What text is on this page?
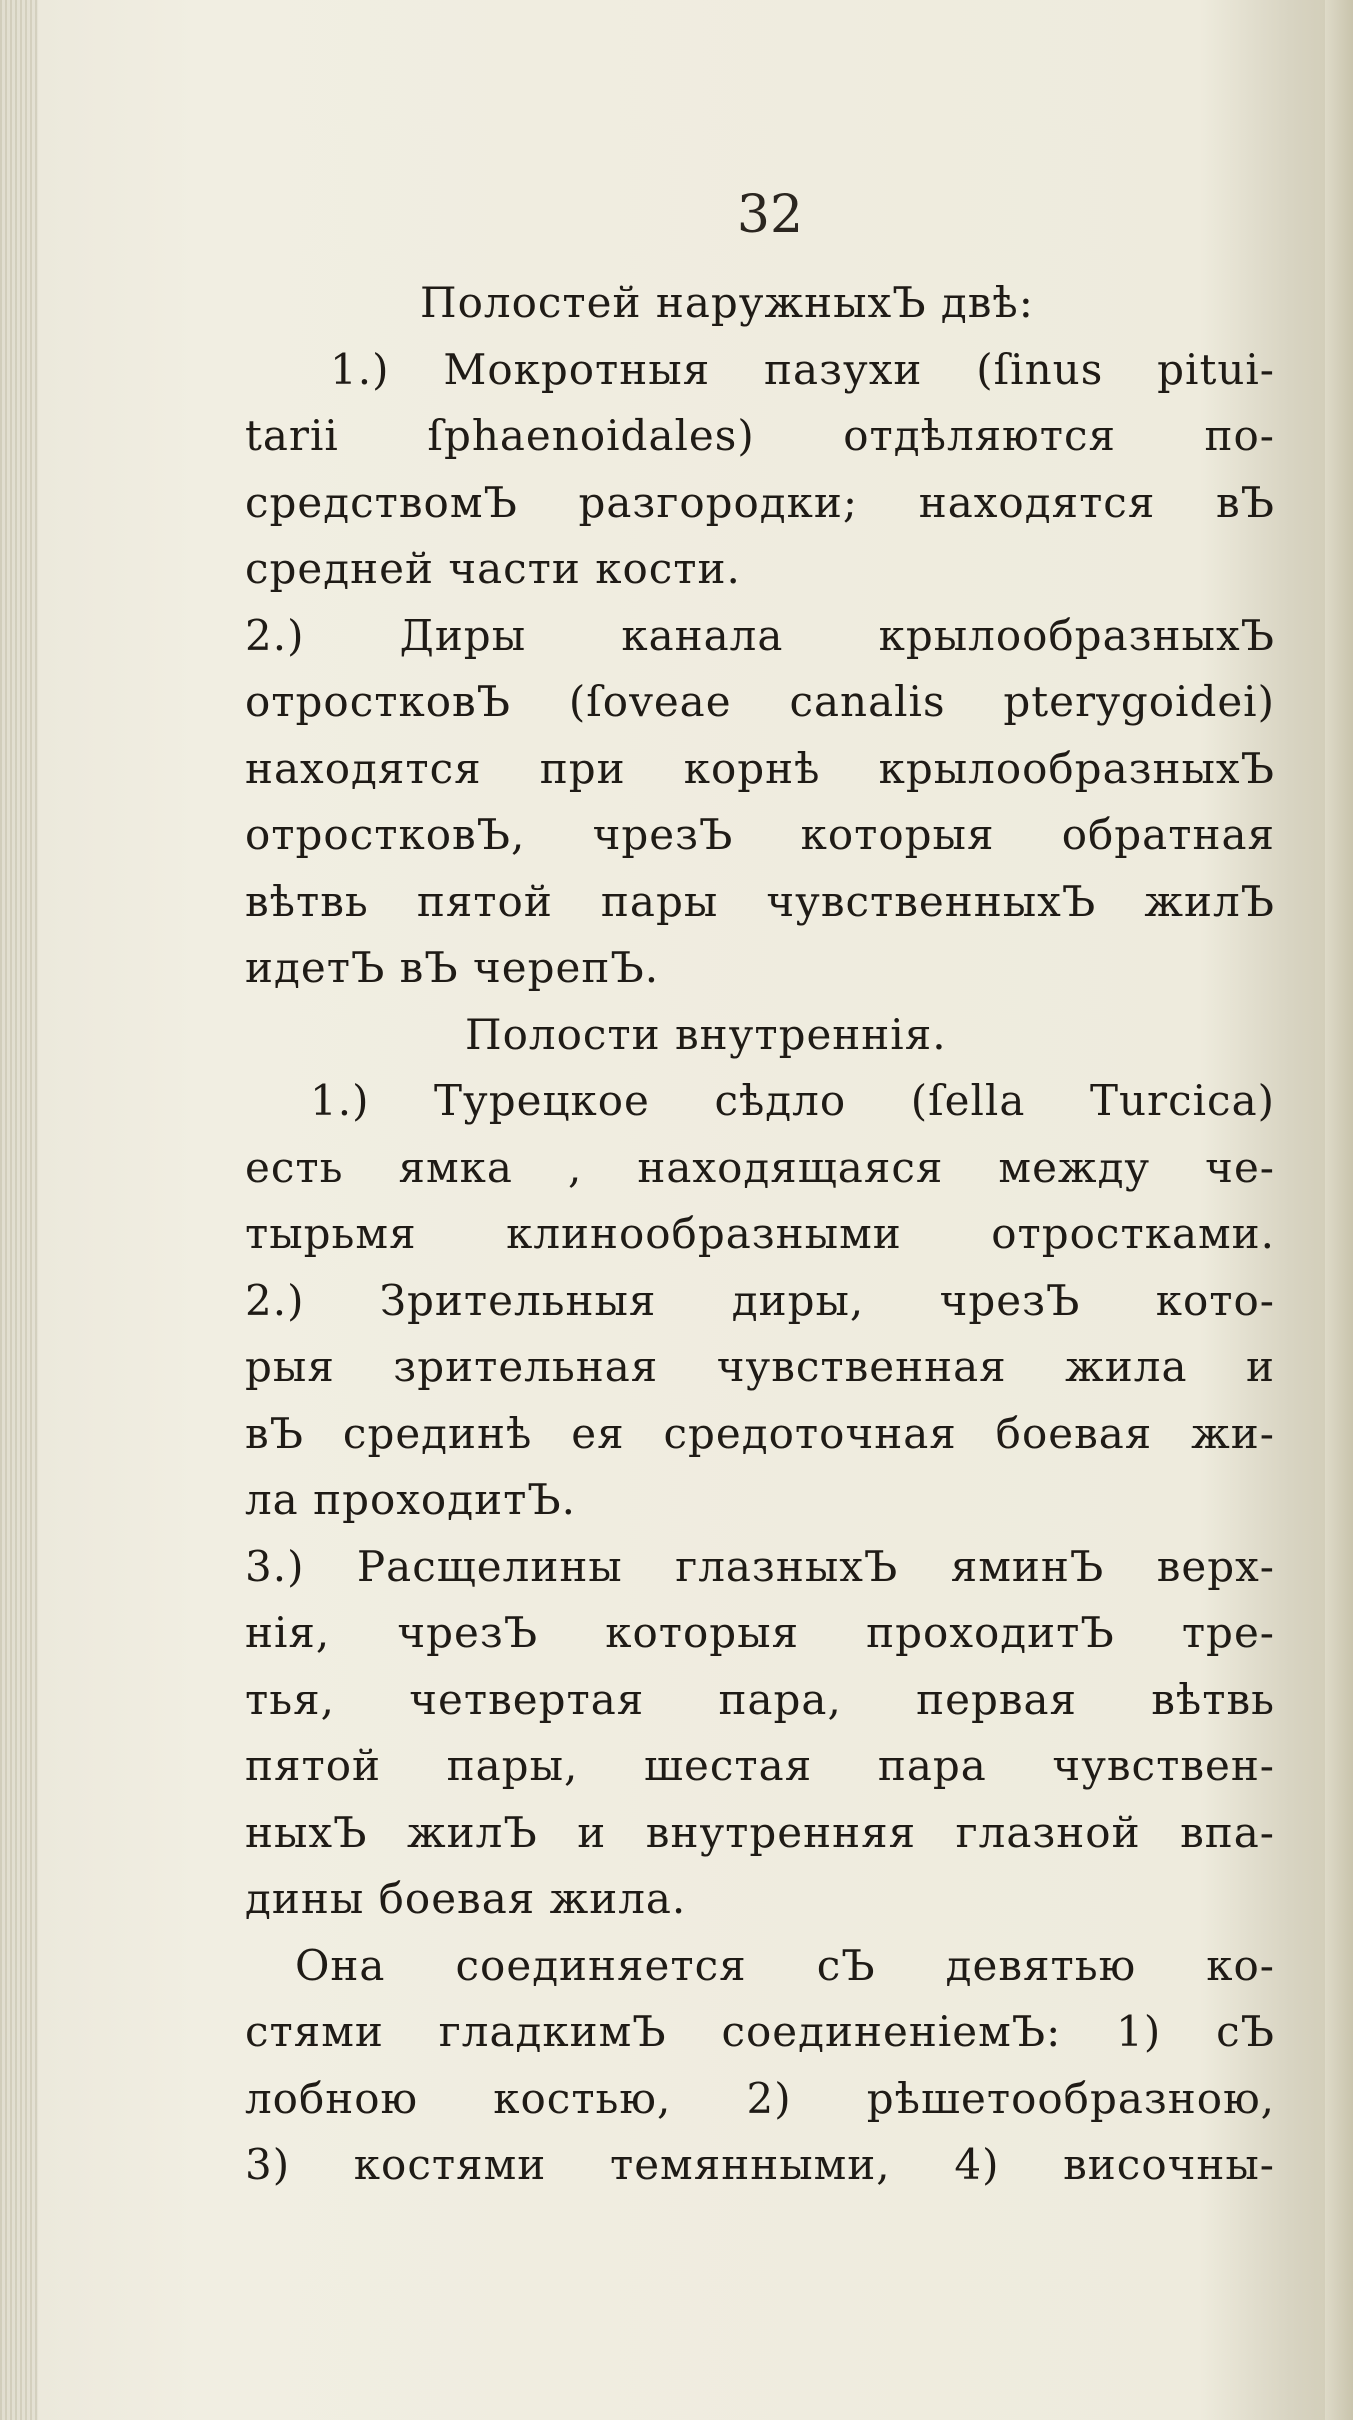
32
Полостей наружныхЪ двѣ:
1.) Мокротныя пазухи (ſinus pitui-
tarii ſphaenoidales) отдѣляются по-
средствомЪ разгородки; находятся вЪ
средней части кости.
2.) Диры канала крылообразныхЪ
отростковЪ (ſoveae canalis pterygoidei)
находятся при корнѣ крылообразныхЪ
отростковЪ, чрезЪ которыя обратная
вѣтвь пятой пары чувственныхЪ жилЪ
идетЪ вЪ черепЪ.
Полости внутреннія.
1.) Турецкое сѣдло (ſella Turcica)
есть ямка , находящаяся между че-
тырьмя клинообразными отростками.
2.) Зрительныя диры, чрезЪ кото-
рыя зрительная чувственная жила и
вЪ срединѣ ея средоточная боевая жи-
ла проходитЪ.
3.) Расщелины глазныхЪ яминЪ верх-
нія, чрезЪ которыя проходитЪ тре-
тья, четвертая пара, первая вѣтвь
пятой пары, шестая пара чувствен-
ныхЪ жилЪ и внутренняя глазной впа-
дины боевая жила.
Она соединяется сЪ девятью ко-
стями гладкимЪ соединеніемЪ: 1) сЪ
лобною костью, 2) рѣшетообразною,
3) костями темянными, 4) височны-
